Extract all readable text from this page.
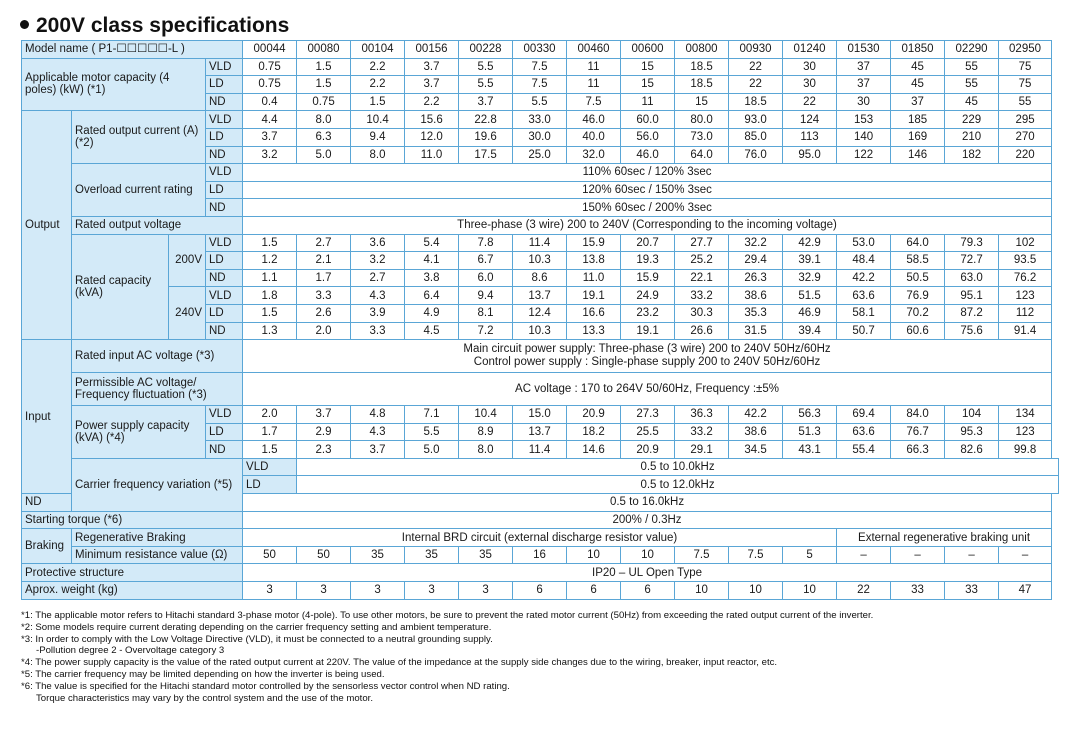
200V class specifications
Model name ( P1-☐☐☐☐☐-L )				00044	00080	00104	00156	00228	00330	00460	00600	00800	00930	01240	01530	01850	02290	02950
Applicable motor capacity (4 poles) (kW) (*1)			VLD	0.75	1.5	2.2	3.7	5.5	7.5	11	15	18.5	22	30	37	45	55	75
			LD	0.75	1.5	2.2	3.7	5.5	7.5	11	15	18.5	22	30	37	45	55	75
			ND	0.4	0.75	1.5	2.2	3.7	5.5	7.5	11	15	18.5	22	30	37	45	55
Output	Rated output current (A)(*2)		VLD	4.4	8.0	10.4	15.6	22.8	33.0	46.0	60.0	80.0	93.0	124	153	185	229	295
			LD	3.7	6.3	9.4	12.0	19.6	30.0	40.0	56.0	73.0	85.0	113	140	169	210	270
			ND	3.2	5.0	8.0	11.0	17.5	25.0	32.0	46.0	64.0	76.0	95.0	122	146	182	220
	Overload current rating		VLD	110% 60sec / 120% 3sec														
			LD	120% 60sec / 150% 3sec														
			ND	150% 60sec / 200% 3sec														
	Rated output voltage			Three-phase (3 wire) 200 to 240V (Corresponding to the incoming voltage)														
	Rated capacity (kVA)	200V	VLD	1.5	2.7	3.6	5.4	7.8	11.4	15.9	20.7	27.7	32.2	42.9	53.0	64.0	79.3	102
			LD	1.2	2.1	3.2	4.1	6.7	10.3	13.8	19.3	25.2	29.4	39.1	48.4	58.5	72.7	93.5
			ND	1.1	1.7	2.7	3.8	6.0	8.6	11.0	15.9	22.1	26.3	32.9	42.2	50.5	63.0	76.2
		240V	VLD	1.8	3.3	4.3	6.4	9.4	13.7	19.1	24.9	33.2	38.6	51.5	63.6	76.9	95.1	123
			LD	1.5	2.6	3.9	4.9	8.1	12.4	16.6	23.2	30.3	35.3	46.9	58.1	70.2	87.2	112
			ND	1.3	2.0	3.3	4.5	7.2	10.3	13.3	19.1	26.6	31.5	39.4	50.7	60.6	75.6	91.4
Input	Rated input AC voltage (*3)			Main circuit power supply: Three-phase (3 wire) 200 to 240V 50Hz/60Hz
Control power supply : Single-phase supply 200 to 240V 50Hz/60Hz														

	Permissible AC voltage/ Frequency fluctuation (*3)			AC voltage : 170 to 264V 50/60Hz, Frequency :±5%														
	Power supply capacity (kVA) (*4)		VLD	2.0	3.7	4.8	7.1	10.4	15.0	20.9	27.3	36.3	42.2	56.3	69.4	84.0	104	134
			LD	1.7	2.9	4.3	5.5	8.9	13.7	18.2	25.5	33.2	38.6	51.3	63.6	76.7	95.3	123
			ND	1.5	2.3	3.7	5.0	8.0	11.4	14.6	20.9	29.1	34.5	43.1	55.4	66.3	82.6	99.8
	Carrier frequency variation (*5)			VLD	0.5 to 10.0kHz													
				LD	0.5 to 12.0kHz													
ND				0.5 to 16.0kHz														
Starting torque (*6)				200% / 0.3Hz														
Braking	Regenerative Braking			Internal BRD circuit (external discharge resistor value)											External regenerative braking unit			
	Minimum resistance value (Ω)			50	50	35	35	35	16	10	10	7.5	7.5	5	–	–	–	–
Protective structure				IP20 – UL Open Type														
Aprox. weight (kg)				3	3	3	3	3	6	6	6	10	10	10	22	33	33	47
*1: The applicable motor refers to Hitachi standard 3-phase motor (4-pole). To use other motors, be sure to prevent the rated motor current (50Hz) from exceeding the rated output current of the inverter.
*2: Some models require current derating depending on the carrier frequency setting and ambient temperature.
*3: In order to comply with the Low Voltage Directive (VLD), it must be connected to a neutral grounding supply.
-Pollution degree 2 - Overvoltage category 3
*4: The power supply capacity is the value of the rated output current at 220V. The value of the impedance at the supply side changes due to the wiring, breaker, input reactor, etc.
*5: The carrier frequency may be limited depending on how the inverter is being used.
*6: The value is specified for the Hitachi standard motor controlled by the sensorless vector control when ND rating.
Torque characteristics may vary by the control system and the use of the motor.
